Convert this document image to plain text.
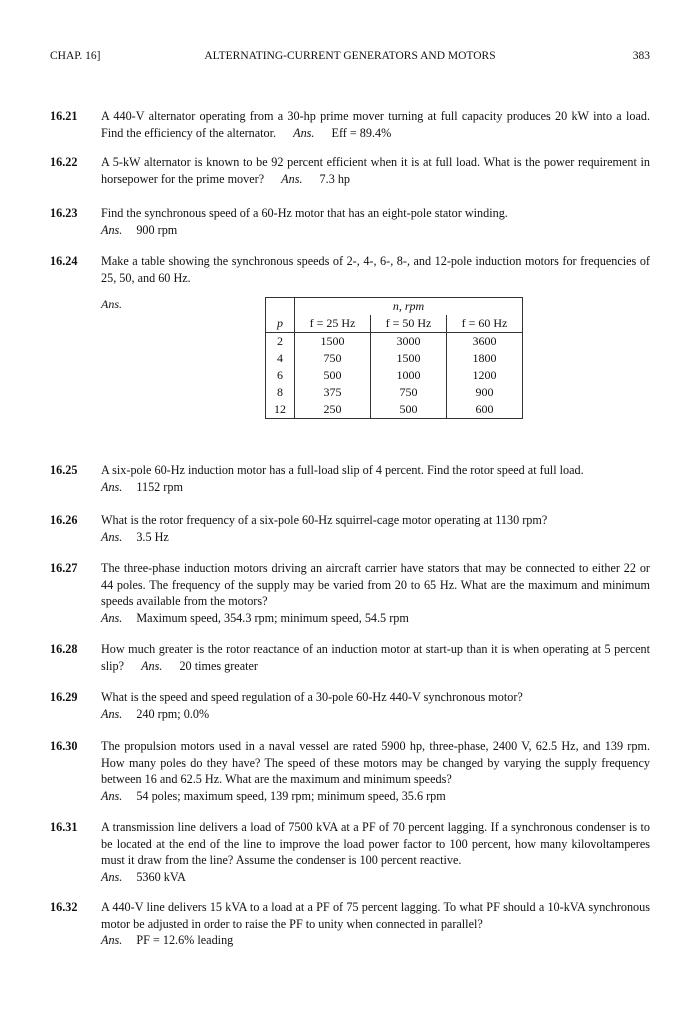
CHAP. 16]	ALTERNATING-CURRENT GENERATORS AND MOTORS	383
16.21 A 440-V alternator operating from a 30-hp prime mover turning at full capacity produces 20 kW into a load. Find the efficiency of the alternator. Ans. Eff = 89.4%
16.22 A 5-kW alternator is known to be 92 percent efficient when it is at full load. What is the power requirement in horsepower for the prime mover? Ans. 7.3 hp
16.23 Find the synchronous speed of a 60-Hz motor that has an eight-pole stator winding.
Ans. 900 rpm
16.24 Make a table showing the synchronous speeds of 2-, 4-, 6-, 8-, and 12-pole induction motors for frequencies of 25, 50, and 60 Hz.
Ans.
		n, rpm		
p	f = 25 Hz	f = 50 Hz	f = 60 Hz
2	1500	3000	3600
4	750	1500	1800
6	500	1000	1200
8	375	750	900
12	250	500	600
16.25 A six-pole 60-Hz induction motor has a full-load slip of 4 percent. Find the rotor speed at full load.
Ans. 1152 rpm
16.26 What is the rotor frequency of a six-pole 60-Hz squirrel-cage motor operating at 1130 rpm?
Ans. 3.5 Hz
16.27 The three-phase induction motors driving an aircraft carrier have stators that may be connected to either 22 or 44 poles. The frequency of the supply may be varied from 20 to 65 Hz. What are the maximum and minimum speeds available from the motors?
Ans. Maximum speed, 354.3 rpm; minimum speed, 54.5 rpm
16.28 How much greater is the rotor reactance of an induction motor at start-up than it is when operating at 5 percent slip? Ans. 20 times greater
16.29 What is the speed and speed regulation of a 30-pole 60-Hz 440-V synchronous motor?
Ans. 240 rpm; 0.0%
16.30 The propulsion motors used in a naval vessel are rated 5900 hp, three-phase, 2400 V, 62.5 Hz, and 139 rpm. How many poles do they have? The speed of these motors may be changed by varying the supply frequency between 16 and 62.5 Hz. What are the maximum and minimum speeds?
Ans. 54 poles; maximum speed, 139 rpm; minimum speed, 35.6 rpm
16.31 A transmission line delivers a load of 7500 kVA at a PF of 70 percent lagging. If a synchronous condenser is to be located at the end of the line to improve the load power factor to 100 percent, how many kilovoltamperes must it draw from the line? Assume the condenser is 100 percent reactive.
Ans. 5360 kVA
16.32 A 440-V line delivers 15 kVA to a load at a PF of 75 percent lagging. To what PF should a 10-kVA synchronous motor be adjusted in order to raise the PF to unity when connected in parallel?
Ans. PF = 12.6% leading
